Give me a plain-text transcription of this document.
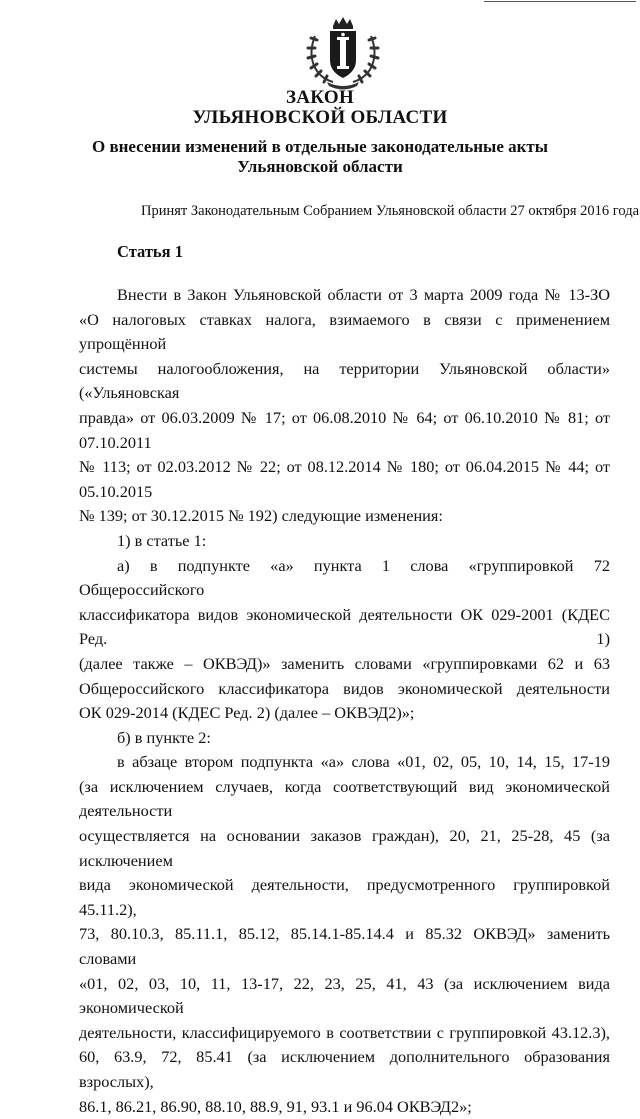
ЗАКОН
УЛЬЯНОВСКОЙ ОБЛАСТИ
О внесении изменений в отдельные законодательные акты
Ульяновской области

Принят Законодательным Собранием Ульяновской области 27 октября 2016 года

Статья 1

Внести в Закон Ульяновской области от 3 марта 2009 года № 13-ЗО

«О налоговых ставках налога, взимаемого в связи с применением упрощённой

системы налогообложения, на территории Ульяновской области» («Ульяновская

правда» от 06.03.2009 № 17; от 06.08.2010 № 64; от 06.10.2010 № 81; от 07.10.2011

№ 113; от 02.03.2012 № 22; от 08.12.2014 № 180; от 06.04.2015 № 44; от 05.10.2015

№ 139; от 30.12.2015 № 192) следующие изменения:

1) в статье 1:

а) в подпункте «а» пункта 1 слова «группировкой 72 Общероссийского

классификатора видов экономической деятельности ОК 029-2001 (КДЕС Ред. 1)

(далее также – ОКВЭД)» заменить словами «группировками 62 и 63

Общероссийского классификатора видов экономической деятельности

ОК 029-2014 (КДЕС Ред. 2) (далее – ОКВЭД2)»;

б) в пункте 2:

в абзаце втором подпункта «а» слова «01, 02, 05, 10, 14, 15, 17-19

(за исключением случаев, когда соответствующий вид экономической деятельности

осуществляется на основании заказов граждан), 20, 21, 25-28, 45 (за исключением

вида экономической деятельности, предусмотренного группировкой 45.11.2),

73, 80.10.3, 85.11.1, 85.12, 85.14.1-85.14.4 и 85.32 ОКВЭД» заменить словами

«01, 02, 03, 10, 11, 13-17, 22, 23, 25, 41, 43 (за исключением вида экономической

деятельности, классифицируемого в соответствии с группировкой 43.12.3),

60, 63.9, 72, 85.41 (за исключением дополнительного образования взрослых),

86.1, 86.21, 86.90, 88.10, 88.9, 91, 93.1 и 96.04 ОКВЭД2»;
